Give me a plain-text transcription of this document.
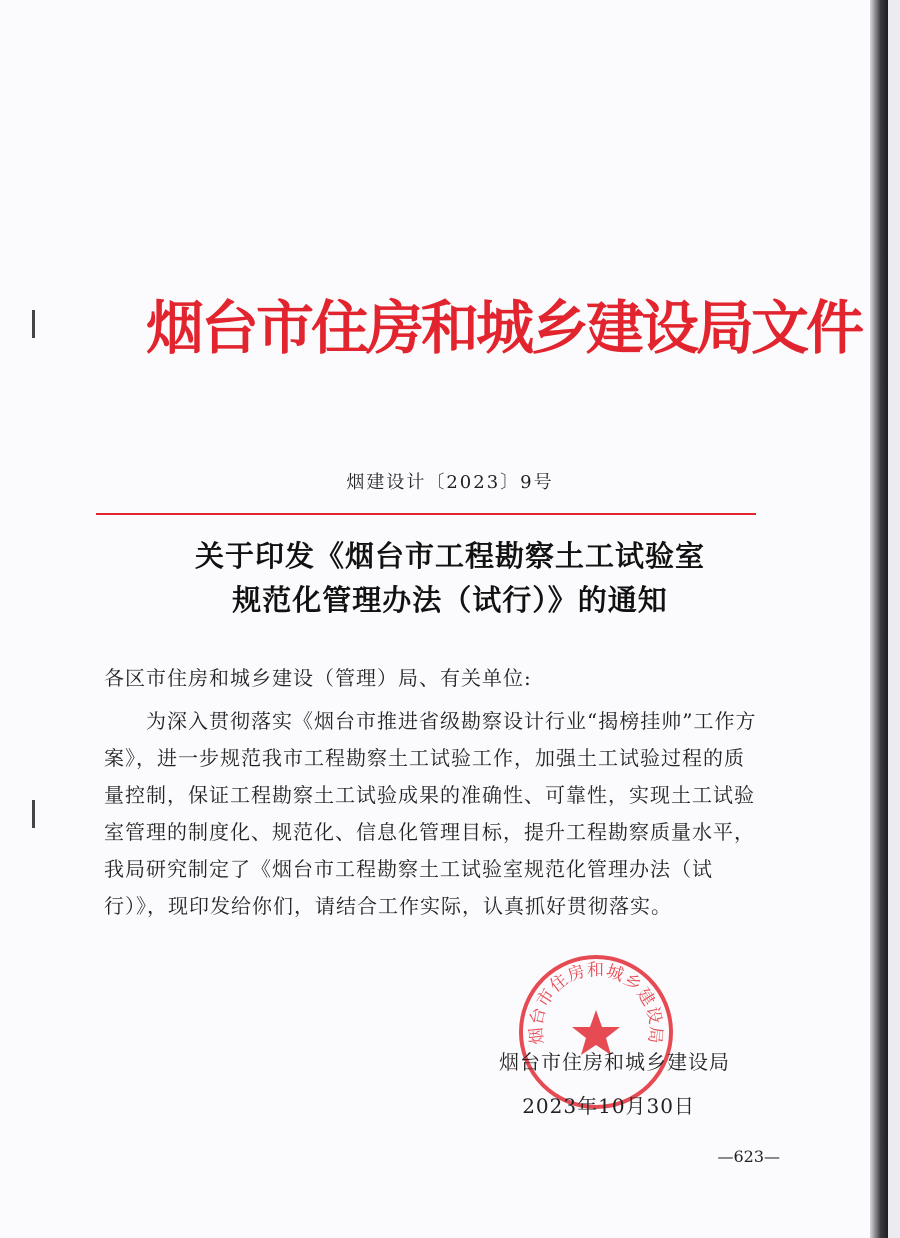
烟台市住房和城乡建设局文件
烟建设计〔2023〕9号
关于印发《烟台市工程勘察土工试验室
规范化管理办法（试行）》的通知
各区市住房和城乡建设（管理）局、有关单位:
为深入贯彻落实《烟台市推进省级勘察设计行业“揭榜挂帅”工作方案》，进一步规范我市工程勘察土工试验工作，加强土工试验过程的质量控制，保证工程勘察土工试验成果的准确性、可靠性，实现土工试验室管理的制度化、规范化、信息化管理目标，提升工程勘察质量水平，我局研究制定了《烟台市工程勘察土工试验室规范化管理办法（试行）》，现印发给你们，请结合工作实际，认真抓好贯彻落实。
烟台市住房和城乡建设局
烟台市住房和城乡建设局
2023年10月30日
—623—
